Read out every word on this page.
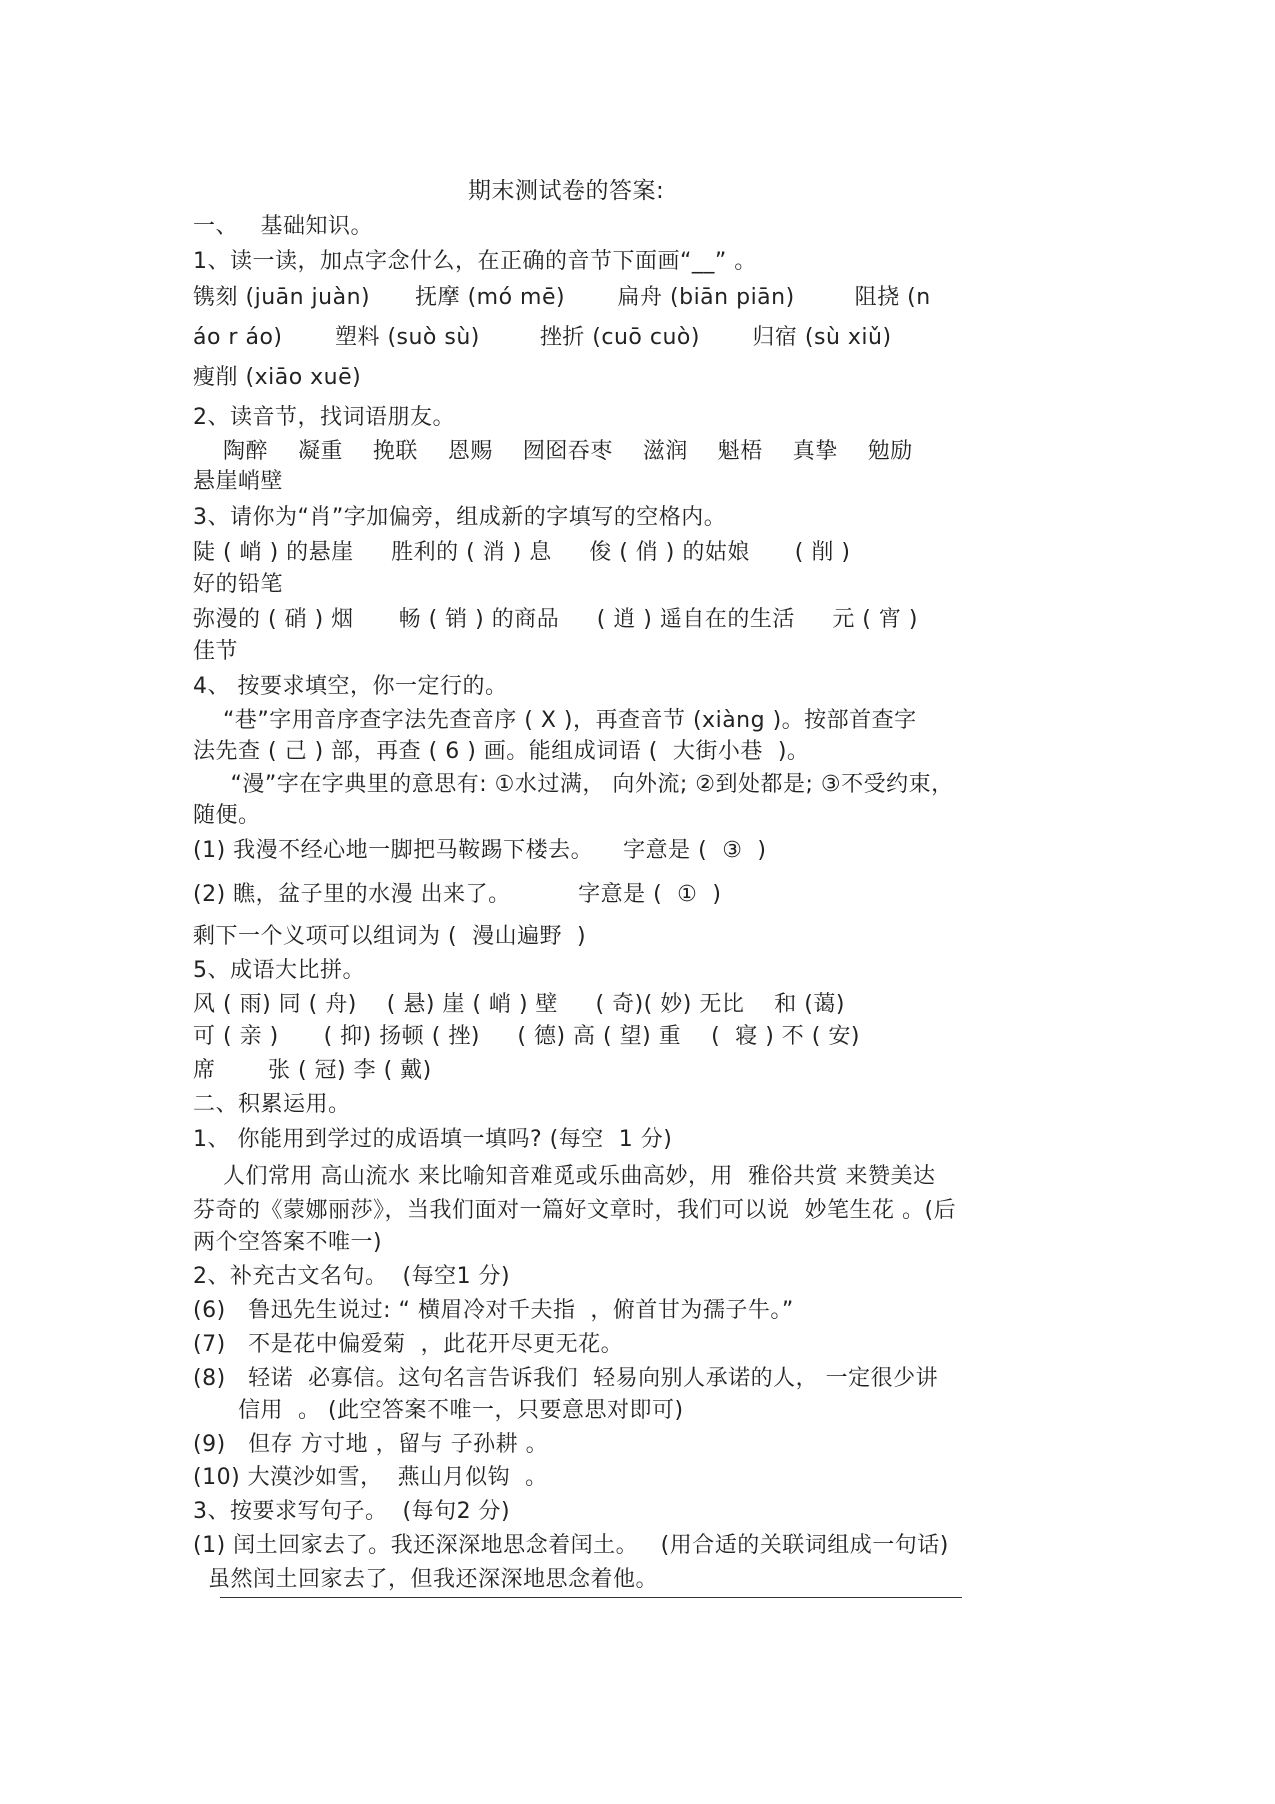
期末测试卷的答案:
一、   基础知识。
1、读一读，加点字念什么，在正确的音节下面画“__” 。
镌刻 (juān juàn)      抚摩 (mó mē)       扁舟 (biān piān)        阻挠 (n
áo r áo)       塑料 (suò sù)        挫折 (cuō cuò)       归宿 (sù xiǔ)
瘦削 (xiāo xuē)
2、读音节，找词语朋友。
陶醉    凝重    挽联    恩赐    囫囵吞枣    滋润    魁梧    真挚    勉励
悬崖峭壁
3、请你为“肖”字加偏旁，组成新的字填写的空格内。
陡 ( 峭 ) 的悬崖     胜利的 ( 消 ) 息     俊 ( 俏 ) 的姑娘      ( 削 )
好的铅笔
弥漫的 ( 硝 ) 烟      畅 ( 销 ) 的商品     ( 逍 ) 遥自在的生活     元 ( 宵 )
佳节
4、 按要求填空，你一定行的。
“巷”字用音序查字法先查音序 ( X )，再查音节 (xiàng )。按部首查字
法先查 ( 己 ) 部，再查 ( 6 ) 画。能组成词语 (  大街小巷  )。
“漫”字在字典里的意思有: ①水过满， 向外流; ②到处都是; ③不受约束，
随便。
(1) 我漫不经心地一脚把马鞍踢下楼去。    字意是 (  ③  )
(2) 瞧，盆子里的水漫 出来了。         字意是 (  ①  )
剩下一个义项可以组词为 (  漫山遍野  )
5、成语大比拼。
风 ( 雨) 同 ( 舟)    ( 悬) 崖 ( 峭 ) 壁     ( 奇)( 妙) 无比    和 (蔼)
可 ( 亲 )      ( 抑) 扬顿 ( 挫)     ( 德) 高 ( 望) 重    (  寝 ) 不 ( 安)
席       张 ( 冠) 李 ( 戴)
二、积累运用。
1、 你能用到学过的成语填一填吗? (每空  1 分)
人们常用 高山流水 来比喻知音难觅或乐曲高妙，用  雅俗共赏 来赞美达
芬奇的《蒙娜丽莎》，当我们面对一篇好文章时，我们可以说  妙笔生花 。(后
两个空答案不唯一)
2、补充古文名句。  (每空1 分)
(6)   鲁迅先生说过: “ 横眉冷对千夫指  ，俯首甘为孺子牛。”
(7)   不是花中偏爱菊  ，此花开尽更无花。
(8)   轻诺  必寡信。这句名言告诉我们  轻易向别人承诺的人， 一定很少讲
信用  。 (此空答案不唯一，只要意思对即可)
(9)   但存 方寸地 ，留与 子孙耕 。
(10) 大漠沙如雪，  燕山月似钩  。
3、按要求写句子。  (每句2 分)
(1) 闰土回家去了。我还深深地思念着闰土。   (用合适的关联词组成一句话)
虽然闰土回家去了，但我还深深地思念着他。
